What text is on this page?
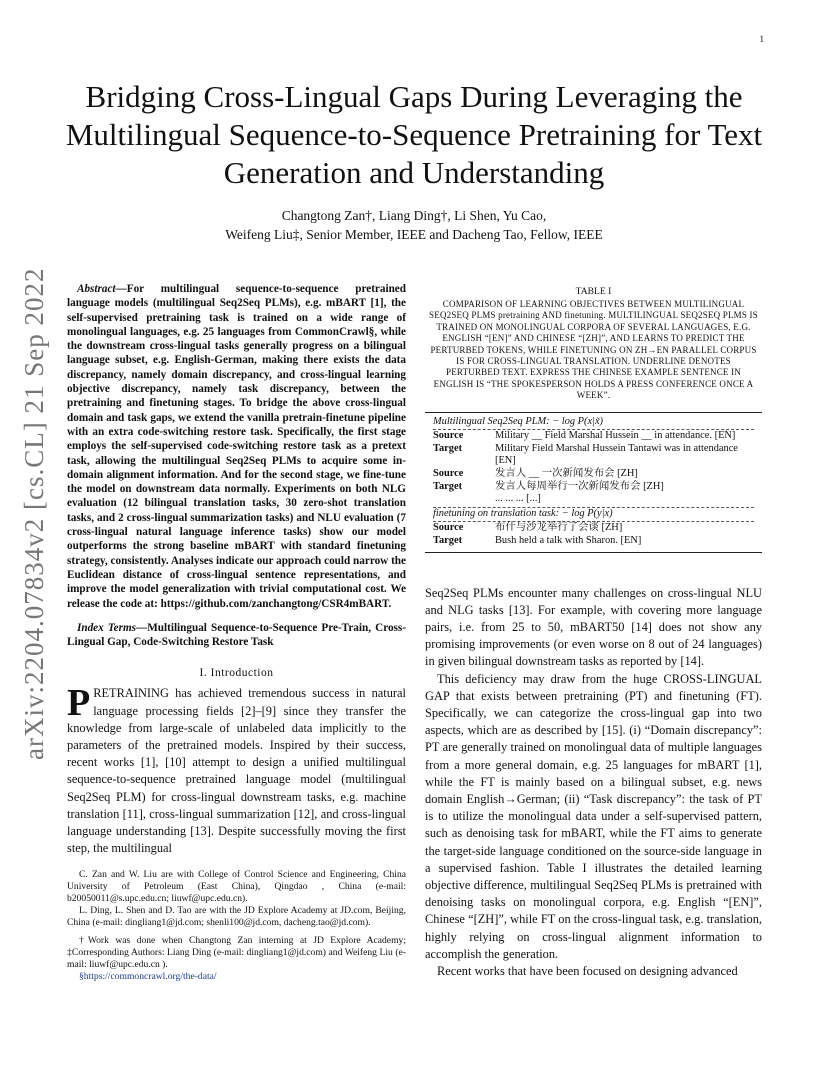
1
arXiv:2204.07834v2 [cs.CL] 21 Sep 2022
Bridging Cross-Lingual Gaps During Leveraging the Multilingual Sequence-to-Sequence Pretraining for Text Generation and Understanding
Changtong Zan†, Liang Ding†, Li Shen, Yu Cao,
Weifeng Liu‡, Senior Member, IEEE and Dacheng Tao, Fellow, IEEE

Abstract—For multilingual sequence-to-sequence pretrained language models (multilingual Seq2Seq PLMs), e.g. mBART [1], the self-supervised pretraining task is trained on a wide range of monolingual languages, e.g. 25 languages from CommonCrawl§, while the downstream cross-lingual tasks generally progress on a bilingual language subset, e.g. English-German, making there exists the data discrepancy, namely domain discrepancy, and cross-lingual learning objective discrepancy, namely task discrepancy, between the pretraining and finetuning stages. To bridge the above cross-lingual domain and task gaps, we extend the vanilla pretrain-finetune pipeline with an extra code-switching restore task. Specifically, the first stage employs the self-supervised code-switching restore task as a pretext task, allowing the multilingual Seq2Seq PLMs to acquire some in-domain alignment information. And for the second stage, we fine-tune the model on downstream data normally. Experiments on both NLG evaluation (12 bilingual translation tasks, 30 zero-shot translation tasks, and 2 cross-lingual summarization tasks) and NLU evaluation (7 cross-lingual natural language inference tasks) show our model outperforms the strong baseline mBART with standard finetuning strategy, consistently. Analyses indicate our approach could narrow the Euclidean distance of cross-lingual sentence representations, and improve the model generalization with trivial computational cost. We release the code at: https://github.com/zanchangtong/CSR4mBART.

Index Terms—Multilingual Sequence-to-Sequence Pre-Train, Cross-Lingual Gap, Code-Switching Restore Task

I. Introduction

PRETRAINING has achieved tremendous success in natural language processing fields [2]–[9] since they transfer the knowledge from large-scale of unlabeled data implicitly to the parameters of the pretrained models. Inspired by their success, recent works [1], [10] attempt to design a unified multilingual sequence-to-sequence pretrained language model (multilingual Seq2Seq PLM) for cross-lingual downstream tasks, e.g. machine translation [11], cross-lingual summarization [12], and cross-lingual language understanding [13]. Despite successfully moving the first step, the multilingual

C. Zan and W. Liu are with College of Control Science and Engineering, China University of Petroleum (East China), Qingdao , China (e-mail: b20050011@s.upc.edu.cn; liuwf@upc.edu.cn).

L. Ding, L. Shen and D. Tao are with the JD Explore Academy at JD.com, Beijing, China (e-mail: dingliang1@jd.com; shenli100@jd.com, dacheng.tao@jd.com).

†Work was done when Changtong Zan interning at JD Explore Academy; ‡Corresponding Authors: Liang Ding (e-mail: dingliang1@jd.com) and Weifeng Liu (e-mail: liuwf@upc.edu.cn ).

§https://commoncrawl.org/the-data/

TABLE I

COMPARISON OF LEARNING OBJECTIVES BETWEEN MULTILINGUAL SEQ2SEQ PLMS pretraining AND finetuning. MULTILINGUAL SEQ2SEQ PLMS IS TRAINED ON MONOLINGUAL CORPORA OF SEVERAL LANGUAGES, E.G. ENGLISH “[EN]” AND CHINESE “[ZH]”, AND LEARNS TO PREDICT THE PERTURBED TOKENS, WHILE FINETUNING ON ZH→EN PARALLEL CORPUS IS FOR CROSS-LINGUAL TRANSLATION. UNDERLINE DENOTES PERTURBED TEXT. EXPRESS THE CHINESE EXAMPLE SENTENCE IN ENGLISH IS “THE SPOKESPERSON HOLDS A PRESS CONFERENCE ONCE A WEEK”.

Multilingual Seq2Seq PLM: − log P(x|x̃)
Source	Military __ Field Marshal Hussein __ in attendance. [EN]
Target	Military Field Marshal Hussein Tantawi was in attendance [EN]
Source	发言人 __ 一次新闻发布会 [ZH]
Target	发言人每周举行一次新闻发布会 [ZH]
... ... ... [...]
finetuning on translation task: − log P(y|x)
Source	布什与沙龙举行了会谈 [ZH]
Target	Bush held a talk with Sharon. [EN]

Seq2Seq PLMs encounter many challenges on cross-lingual NLU and NLG tasks [13]. For example, with covering more language pairs, i.e. from 25 to 50, mBART50 [14] does not show any promising improvements (or even worse on 8 out of 24 languages) in given bilingual downstream tasks as reported by [14].

This deficiency may draw from the huge CROSS-LINGUAL GAP that exists between pretraining (PT) and finetuning (FT). Specifically, we can categorize the cross-lingual gap into two aspects, which are as described by [15]. (i) “Domain discrepancy”: PT are generally trained on monolingual data of multiple languages from a more general domain, e.g. 25 languages for mBART [1], while the FT is mainly based on a bilingual subset, e.g. news domain English→German; (ii) “Task discrepancy”: the task of PT is to utilize the monolingual data under a self-supervised pattern, such as denoising task for mBART, while the FT aims to generate the target-side language conditioned on the source-side language in a supervised fashion. Table I illustrates the detailed learning objective difference, multilingual Seq2Seq PLMs is pretrained with denoising tasks on monolingual corpora, e.g. English “[EN]”, Chinese “[ZH]”, while FT on the cross-lingual task, e.g. translation, highly relying on cross-lingual alignment information to accomplish the generation.

Recent works that have been focused on designing advanced
